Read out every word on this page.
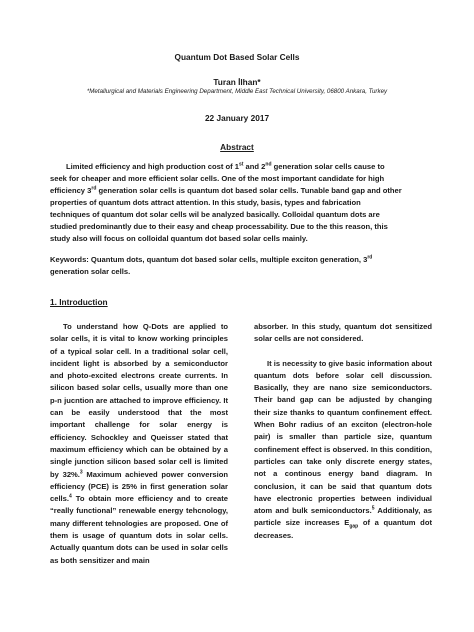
Quantum Dot Based Solar Cells
Turan İlhan*
*Metallurgical and Materials Engineering Department, Middle East Technical University, 06800 Ankara, Turkey
22 January 2017
Abstract
Limited efficiency and high production cost of 1st and 2nd generation solar cells cause to seek for cheaper and more efficient solar cells. One of the most important candidate for high efficiency 3rd generation solar cells is quantum dot based solar cells. Tunable band gap and other properties of quantum dots attract attention. In this study, basis, types and fabrication techniques of quantum dot solar cells wil be analyzed basically. Colloidal quantum dots are studied predominantly due to their easy and cheap processability. Due to the this reason, this study also will focus on colloidal quantum dot based solar cells mainly.
Keywords: Quantum dots, quantum dot based solar cells, multiple exciton generation, 3rd generation solar cells.
1. Introduction

To understand how Q-Dots are applied to solar cells, it is vital to know working principles of a typical solar cell. In a traditional solar cell, incident light is absorbed by a semiconductor and photo-excited electrons create currents. In silicon based solar cells, usually more than one p-n jucntion are attached to improve efficiency. It can be easily understood that the most important challenge for solar energy is efficiency. Schockley and Queisser stated that maximum efficiency which can be obtained by a single junction silicon based solar cell is limited by 32%.$^3$ Maximum achieved power conversion efficiency (PCE) is 25% in first generation solar cells.$^4$ To obtain more efficiency and to create “really functional” renewable energy tehcnology, many different tehnologies are proposed. One of them is usage of quantum dots in solar cells. Actually quantum dots can be used in solar cells as both sensitizer and main

absorber. In this study, quantum dot sensitized solar cells are not considered.

It is necessity to give basic information about quantum dots before solar cell discussion. Basically, they are nano size semiconductors. Their band gap can be adjusted by changing their size thanks to quantum confinement effect. When Bohr radius of an exciton (electron-hole pair) is smaller than particle size, quantum confinement effect is observed. In this condition, particles can take only discrete energy states, not a continous energy band diagram. In conclusion, it can be said that quantum dots have electronic properties between individual atom and bulk semiconductors.$^5$ Additionaly, as particle size increases $E_{gap}$ of a quantum dot decreases.
